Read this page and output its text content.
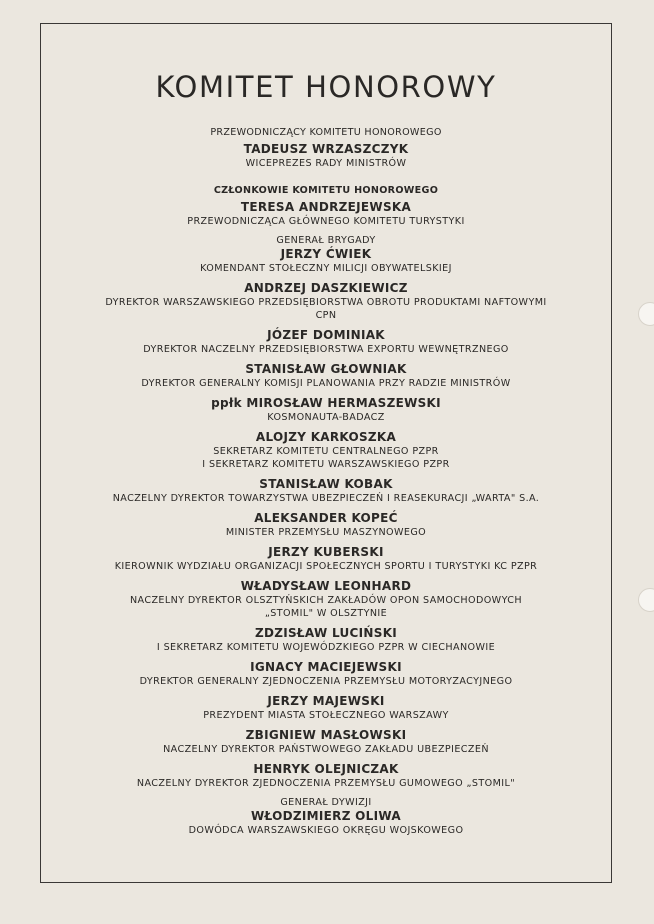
KOMITET HONOROWY
PRZEWODNICZĄCY KOMITETU HONOROWEGO
TADEUSZ WRZASZCZYK
WICEPREZES RADY MINISTRÓW
CZŁONKOWIE KOMITETU HONOROWEGO
TERESA ANDRZEJEWSKA
PRZEWODNICZĄCA GŁÓWNEGO KOMITETU TURYSTYKI
GENERAŁ BRYGADY
JERZY ĆWIEK
KOMENDANT STOŁECZNY MILICJI OBYWATELSKIEJ
ANDRZEJ DASZKIEWICZ
DYREKTOR WARSZAWSKIEGO PRZEDSIĘBIORSTWA OBROTU PRODUKTAMI NAFTOWYMI
CPN
JÓZEF DOMINIAK
DYREKTOR NACZELNY PRZEDSIĘBIORSTWA EXPORTU WEWNĘTRZNEGO
STANISŁAW GŁOWNIAK
DYREKTOR GENERALNY KOMISJI PLANOWANIA PRZY RADZIE MINISTRÓW
ppłk MIROSŁAW HERMASZEWSKI
KOSMONAUTA-BADACZ
ALOJZY KARKOSZKA
SEKRETARZ KOMITETU CENTRALNEGO PZPR
I SEKRETARZ KOMITETU WARSZAWSKIEGO PZPR
STANISŁAW KOBAK
NACZELNY DYREKTOR TOWARZYSTWA UBEZPIECZEŃ I REASEKURACJI „WARTA" S.A.
ALEKSANDER KOPEĆ
MINISTER PRZEMYSŁU MASZYNOWEGO
JERZY KUBERSKI
KIEROWNIK WYDZIAŁU ORGANIZACJI SPOŁECZNYCH SPORTU I TURYSTYKI KC PZPR
WŁADYSŁAW LEONHARD
NACZELNY DYREKTOR OLSZTYŃSKICH ZAKŁADÓW OPON SAMOCHODOWYCH
„STOMIL" W OLSZTYNIE
ZDZISŁAW LUCIŃSKI
I SEKRETARZ KOMITETU WOJEWÓDZKIEGO PZPR W CIECHANOWIE
IGNACY MACIEJEWSKI
DYREKTOR GENERALNY ZJEDNOCZENIA PRZEMYSŁU MOTORYZACYJNEGO
JERZY MAJEWSKI
PREZYDENT MIASTA STOŁECZNEGO WARSZAWY
ZBIGNIEW MASŁOWSKI
NACZELNY DYREKTOR PAŃSTWOWEGO ZAKŁADU UBEZPIECZEŃ
HENRYK OLEJNICZAK
NACZELNY DYREKTOR ZJEDNOCZENIA PRZEMYSŁU GUMOWEGO „STOMIL"
GENERAŁ DYWIZJI
WŁODZIMIERZ OLIWA
DOWÓDCA WARSZAWSKIEGO OKRĘGU WOJSKOWEGO
